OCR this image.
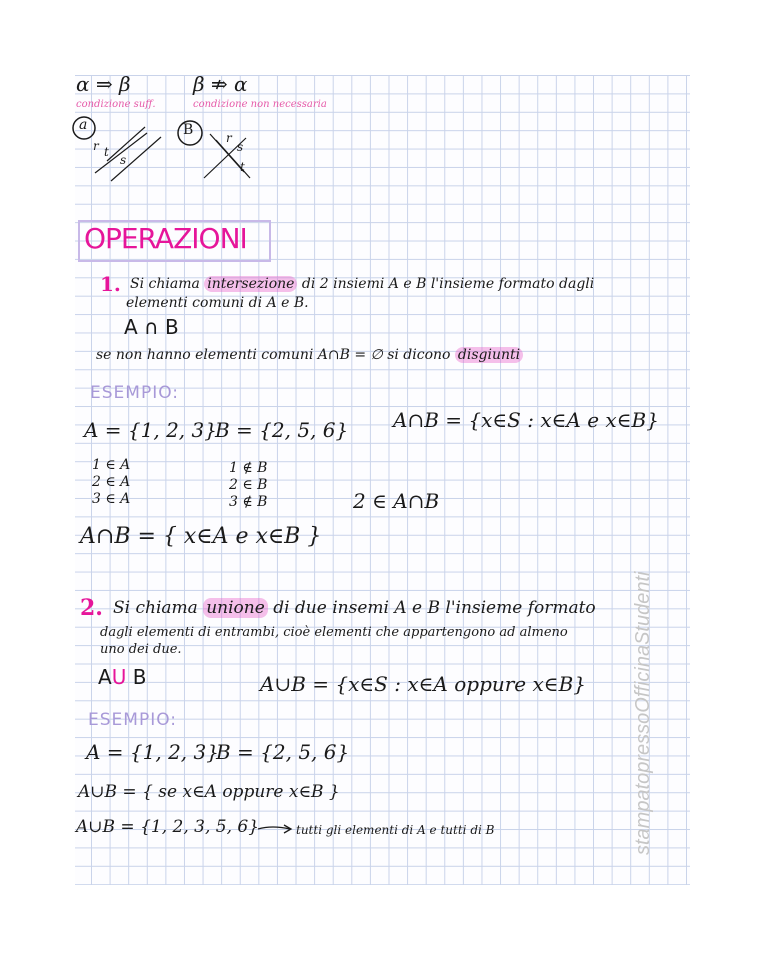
α ⇒ β	β ⇏ α
condizione suff.	condizione non necessaria
a	B
r t
s
r
s
t
OPERAZIONI
1. Si chiama intersezione di 2 insiemi A e B l'insieme formato dagli
elementi comuni di A e B.
A ∩ B
se non hanno elementi comuni A∩B = ∅ si dicono disgiunti
ESEMPIO:
A = {1, 2, 3}
B = {2, 5, 6} A∩B = {x∈S : x∈A e x∈B}
1 ∈ A
2 ∈ A
3 ∈ A
1 ∉ B
2 ∈ B
3 ∉ B	2 ∈ A∩B
A∩B = { x∈A e x∈B }
2. Si chiama unione di due insemi A e B l'insieme formato
dagli elementi di entrambi, cioè elementi che appartengono ad almeno
uno dei due.
AU B	A∪B = {x∈S : x∈A oppure x∈B}
ESEMPIO:
A = {1, 2, 3}
B = {2, 5, 6}
A∪B = { se x∈A oppure x∈B }
A∪B = {1, 2, 3, 5, 6}	tutti gli elementi di A e tutti di B	stampatopressoOfficinaStudenti
